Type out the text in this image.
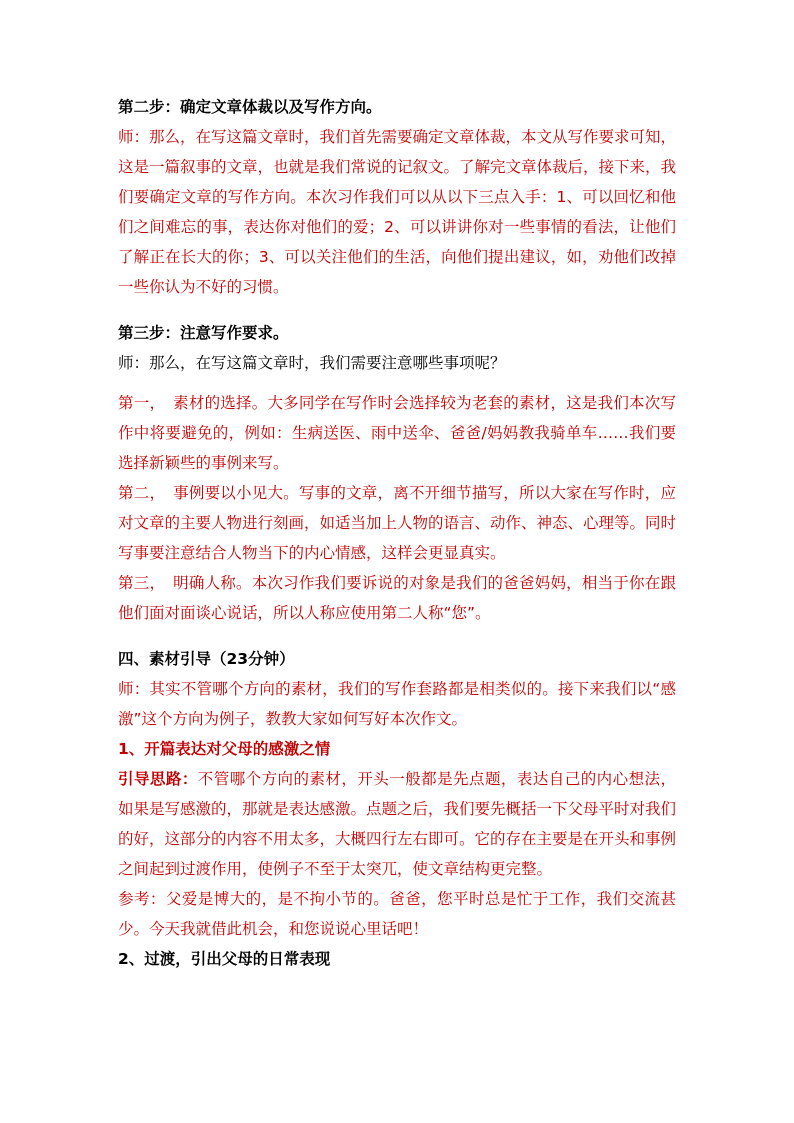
第二步：确定文章体裁以及写作方向。
师：那么，在写这篇文章时，我们首先需要确定文章体裁，本文从写作要求可知，这是一篇叙事的文章，也就是我们常说的记叙文。了解完文章体裁后，接下来，我们要确定文章的写作方向。本次习作我们可以从以下三点入手：1、可以回忆和他们之间难忘的事，表达你对他们的爱；2、可以讲讲你对一些事情的看法，让他们了解正在长大的你；3、可以关注他们的生活，向他们提出建议，如，劝他们改掉一些你认为不好的习惯。
第三步：注意写作要求。
师：那么，在写这篇文章时，我们需要注意哪些事项呢？
第一，　素材的选择。大多同学在写作时会选择较为老套的素材，这是我们本次写作中将要避免的，例如：生病送医、雨中送伞、爸爸/妈妈教我骑单车……我们要选择新颖些的事例来写。
第二，　事例要以小见大。写事的文章，离不开细节描写，所以大家在写作时，应对文章的主要人物进行刻画，如适当加上人物的语言、动作、神态、心理等。同时写事要注意结合人物当下的内心情感，这样会更显真实。
第三，　明确人称。本次习作我们要诉说的对象是我们的爸爸妈妈，相当于你在跟他们面对面谈心说话，所以人称应使用第二人称“您”。
四、素材引导（23分钟）
师：其实不管哪个方向的素材，我们的写作套路都是相类似的。接下来我们以“感激”这个方向为例子，教教大家如何写好本次作文。
1、开篇表达对父母的感激之情
引导思路：不管哪个方向的素材，开头一般都是先点题，表达自己的内心想法，如果是写感激的，那就是表达感激。点题之后，我们要先概括一下父母平时对我们的好，这部分的内容不用太多，大概四行左右即可。它的存在主要是在开头和事例之间起到过渡作用，使例子不至于太突兀，使文章结构更完整。
参考：父爱是博大的，是不拘小节的。爸爸，您平时总是忙于工作，我们交流甚少。今天我就借此机会，和您说说心里话吧！
2、过渡，引出父母的日常表现
